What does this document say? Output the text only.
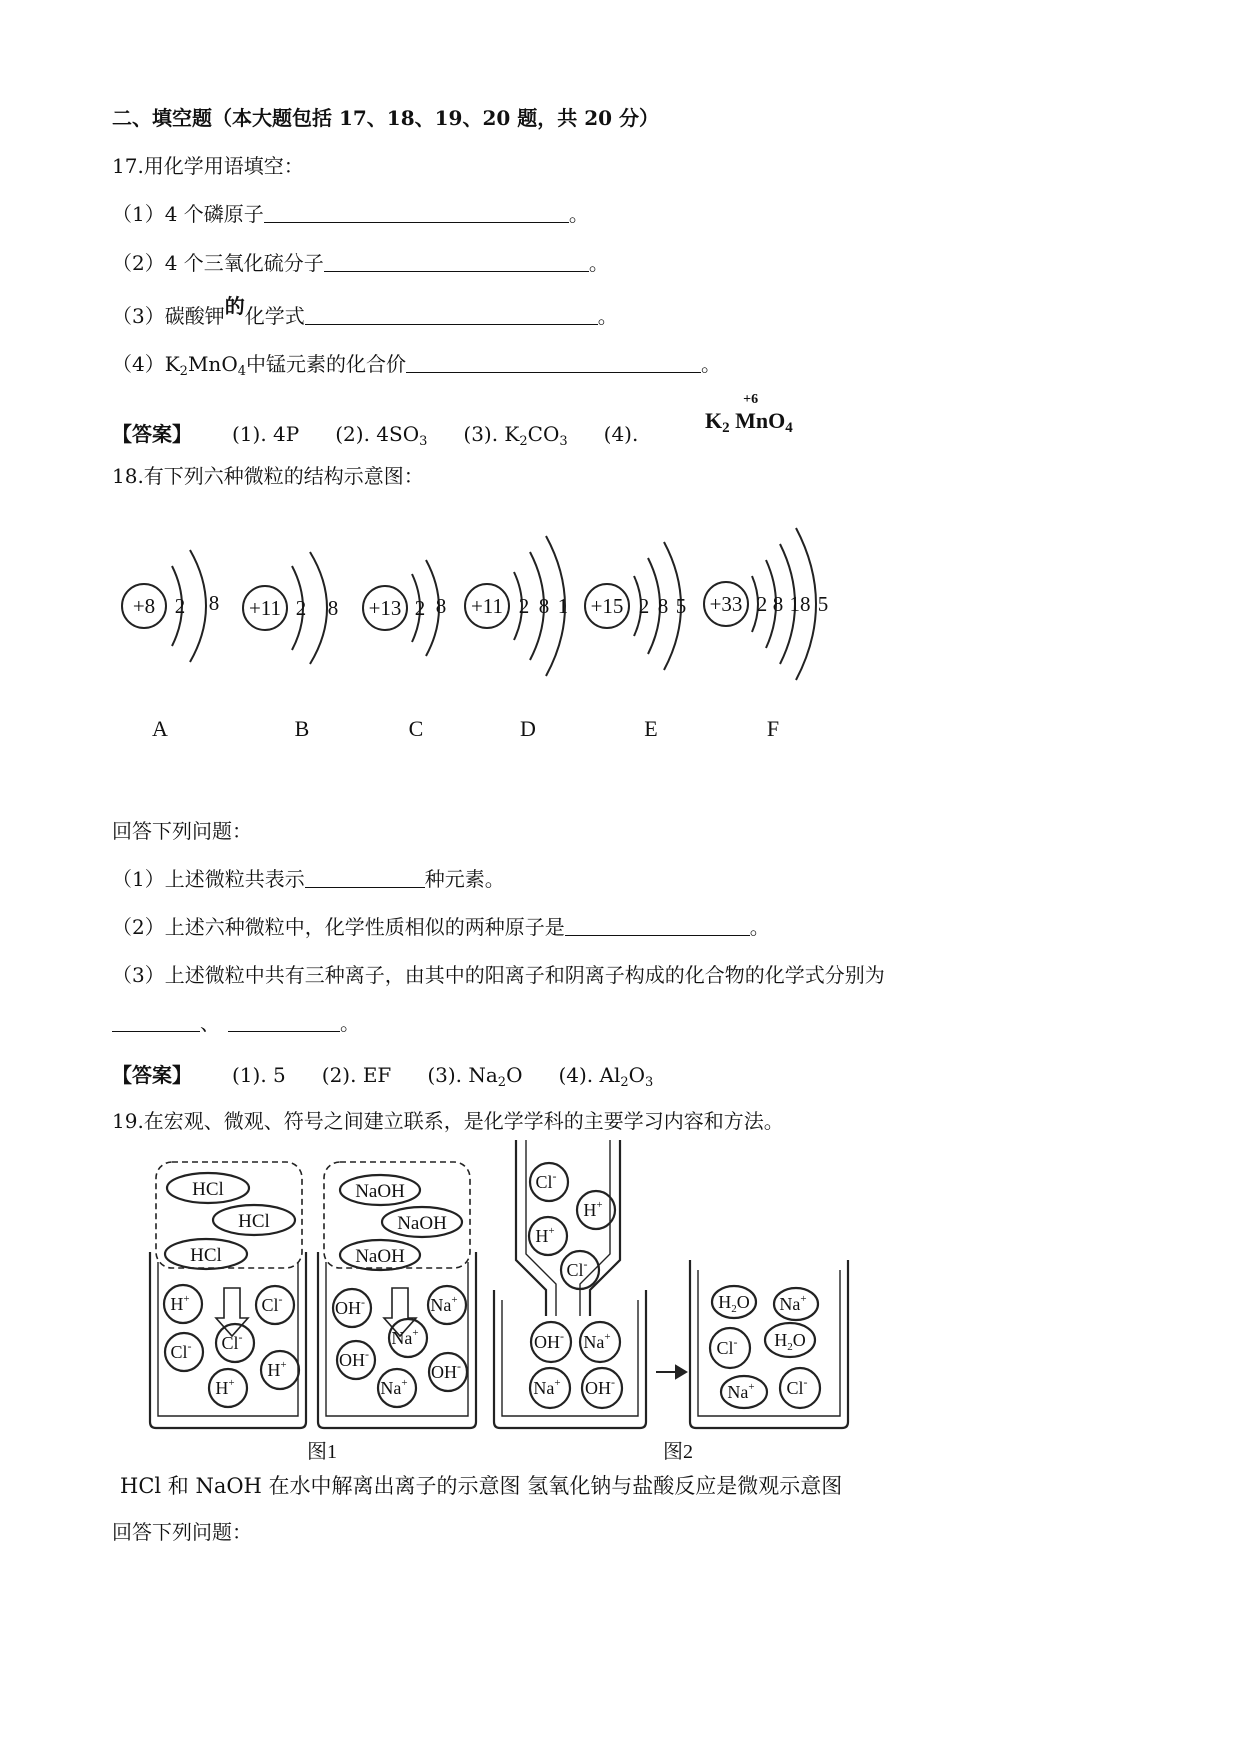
二、填空题（本大题包括 17、18、19、20 题，共 20 分）
17.用化学用语填空：
（1）4 个磷原子	。
（2）4 个三氧化硫分子	。
（3）碳酸钾的化学式	。
$(4)K_2MnO_4$中锰元素的化合价	。
【答案】 (1). 4P (2). $4SO_3$ (3). $K_2CO_3$ (4).
$K_2$
+6
MnO$_4$
18.有下列六种微粒的结构示意图：
+8 2 8
A
+11 2 8
B
+13 2 8
C
+11 2 8 1
D
+15 2 8 5
E
+33 2 8 18 5
F
回答下列问题：
（1）上述微粒共表示	种元素。
（2）上述六种微粒中，化学性质相似的两种原子是	。
（3）上述微粒中共有三种离子，由其中的阳离子和阴离子构成的化合物的化学式分别为
、	。
【答案】 (1). 5 (2). EF (3). $Na_2O$ (4). $Al_2O_3$
19.在宏观、微观、符号之间建立联系，是化学学科的主要学习内容和方法。
HCl
HCl
HCl
NaOH
NaOH
NaOH
H+	Cl-
Cl- Cl-
H+
H+
OH-	Na+
Na+
OH-
OH-
Na+
Cl-
H+
H+
Cl-
OH- Na+
Na+ OH-
$H_2O$ Na+
Cl- $H_2O$
Na+ Cl-
图1	图2
HCl 和 NaOH 在水中解离出离子的示意图 氢氧化钠与盐酸反应是微观示意图
回答下列问题：
